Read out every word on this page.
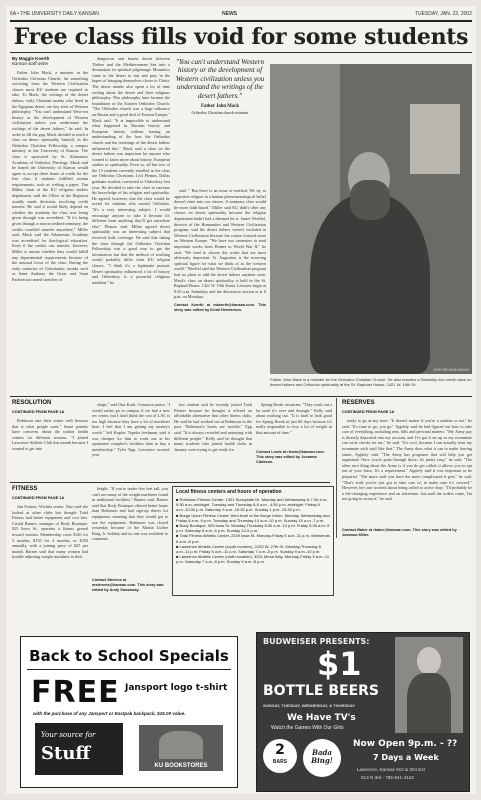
6A • THE UNIVERSITY DAILY KANSAN	NEWS	TUESDAY, JAN. 22, 2002
Free class fills void for some students
By Maggie Koerth
Kansan staff writer

Father John Mack, a minister in the Orthodox Christian Church, hit something sur-rising from the Western Civilization classes most KU students are required to take. To Mack, the writings of the desert fathers, early Christian monks who lived in the Egyptian desert, are key texts of Western philosophy. "You can't understand West-ern history or the development of Western civilization unless you understand the writings of the desert fathers," he said. In order to fill the gap, Mack decided to teach a class on desert spirituality himself, in the Orthodox Christian Fellowship, a campus ministry at the University of Kansas. The class is sponsored by St. Athanasius Academy of Orthodox Theology. Mack said he hoped the University of Kansas would agree to accept these hours of credit for the free class if students fulfilled certain requirements, such as writing a paper. Tim Miller, chair of the KU religious studies department, said the Office of the Registrar usually made decisions involving credit transfer. He said it would likely depend on whether the academy the class was being given through was accredited. "If it's being given through a non-accredited seminary, the credits wouldn't transfer anywhere," Miller said. Mack said the Athanasius Academy was accredited for theological education. Even if the credits can transfer, however, Miller is unsure whether they would fulfill any departmental requirements because of the unusual focus of the class. During the early centuries of Christianity, monks such as Saint Anthony the Great and Saint Pachomius turned stretches of

dangerous and barren desert between Thebes and the Mediterranean Sea into a destination for spiritual pilgrimage. Monastics came to the desert to fast and pray in the hopes of bringing themselves closer to Christ. The desert monks also spent a lot of time writing about the desert and their religious philosophy. This philosophy later became the foundation of the Eastern Orthodox Church. "The Orthodox church was a huge influence on Russia and a good deal of Eastern Europe," Mack said. "It is impossible to understand what happened in Russian history and European history without having an understanding of the how the Orthodox church and the teachings of the desert fathers influenced this." Mack said a class on the desert fathers was important for anyone who wanted to know more about history. European studies or spirituality. Even so, all but two of the 13 students currently enrolled in the class are Orthodox Christians. Leif Plemas, Dallas graduate student, converted to Orthodoxy last year. He decided to take the class to increase his knowledge of his religion and spirituality. He agreed, however, that the class would be useful for students who weren't Orthodox. "It's a very interesting subject. I would encourage anyone to take it because it's different from anything they'll get anywhere else," Plemas said. Miller agreed desert spirituality was an interesting subject that received little coverage. He said that taking the class through the Orthodox Christian Fellowship was a good way to get the information but that the method of teaching would probably differ from KU religion classes. "I think it's a legitimate pursuit. Desert spirituality influenced a lot of history and Orthodoxy is a powerful religious tradition," he

"You can't understand Western history or the development of Western civilization unless you understand the writings of the desert fathers."
Father John Mack
Orthodox Christian church minister

said. " But there is an issue of method. We try to approach religion in a human phenomenological belief doesn't enter into our classes. A seminary class would be more faith based." Miller said KU didn't offer any classes on desert spirituality because the religion department hadn't had a demand for it. James Woelfel, director of the Humanities and Western Civilization program, said the desert fathers weren't included in Western Civilization because the course focused more on Western Europe. "We have two semesters to read important works from Homer to World War II," he said. "We tend to choose the works that are most obviously important. St. Augustine is the towering spiritual figure for what we think of as the western world." Woelfel said the Western Civilization program had no plans to add the desert fathers anytime soon. Mack's class on desert spirituality is held in the St. Raphael House, 1421 W. 19th Street. Lectures begin at 9:30 a.m. Saturdays and the discussion section is at 6 p.m. on Mondays.

Contact Koerth at mkoerth@kansan.com. This story was edited by Kristi Henderson.
JOHN REGAN/KANSAN
Father John Mack is a minister for the Orthodox Christian Church. He also teaches a Saturday non-credit class on desert fathers and Orthodox spirituality at the St. Raphael House, 1421 W. 19th St.
RESOLUTION
CONTINUED FROM PAGE 1A

Robinson rate their center well because that is what people want." Some parents have concerns about the tuition health centers for different reasons. "I joined Lawrence Athletic Club this month because I wanted to get into

shape," said Ona Kraft, Cimarron junior. "I would rather go to campus if we had a new rec center, but I don't think the cost of LAC is too high because they have a lot of machines here. I feel that I am getting my money's worth." Jeff Kupfer, Topeka freshman, said it was cheaper for him to work out at his apartment complex's facilities than to buy a membership." Tyler Epp, Lawrence second-year

law student said he recently joined Total Fitness because he thought it offered an affordable alternative that other fitness clubs. He said he had worked out at Robinson in the past. "Robinson's hours are terrible," Epp said. "It is always crowded and annoying with different people." Kelly said he thought that many students who joined health clubs in January were trying to get ready for

Spring Break vacations. "They work out a lot until it's over and through," Kelly said about working out. "It is hard to look good for Spring Break in just 60 days because it's really impossible to lose a lot of weight in that amount of time."

Contact Lewis at rlewis@kansan.com. This story was edited by Jovanna Clarkson.
RESERVES
CONTINUED FROM PAGE 1A

ready to go at any time. "It doesn't matter if you're a student or not," he said. "It's time to go, you go." Applefy said he had figured out how to take care of everything, including rent, bills and personal matters. "My Army pay is directly deposited into my account, and I've got it set up so my roommate can write checks for me," he said. "It's cool, because I can actually trust my roommate with stuff like that." The Army does what it can to make leaving easier, Applefy said. "The Army has programs that will help you get organized. Once you're gone through those, it's pretty easy," he said. "The other nice thing about the Army is if you do get called, it allows you to opt out of your lease. It's a requirement." Applefy said it was important to be prepared. "The more stuff you have the more complicated it gets," he said. "That's stuff you've just got to take care of, to make sure it's covered." However, he's not worried about being called to active duty. "I'd probably be a life-changing experience and an adventure, but until the orders come, I'm not going to sweat it," he said.

Contact Baker at rbaker@kansan.com. This story was edited by Jovanna Miller.
FITNESS
CONTINUED FROM PAGE 1A

Jim Fortner, Wichita senior. Nitz said she looked at other clubs but thought Total Fitness had better equipment and cost less. Cristal Barnes, manager of Body Boutique, 925 Iowa St., operates a fitness geared toward women. Membership costs $120 for 3 months, $150 for 4 months, or $250 annually, with a joining price of $25 per month. Barnes said that many women had trouble adjusting weight machines to their

height. "If you're under five feet tall, you can't use many of the weight machines found in traditional facilities," Barnes said. Barnes said that Body Boutique offered better hours than Robinson and had sign-up sheets for equipment, meaning that they would get to use the equipment. Robinson was closed yesterday because of the Martin Luther King, Jr. holiday and no one was available to comment.

Contact Stevens at mstevens@kansan.com. This story was edited by Andy Gassaway.
Local fitness centers and hours of operation
■ Robinson Fitness Center, 1301 Sunnyside Dr. Monday and Wednesday 6-7:30 a.m., 9:30 a.m.-midnight. Tuesday and Thursday 8-8 a.m., 4:30 p.m.-midnight. Friday 8 a.m.-10:30 p.m. Saturday 9 a.m.-10:30 p.m. Sunday 1 p.m.-10:30 p.m.
■ Burge Union Fitness Center, third level of the Burge Union. Monday, Wednesday and Friday 8 a.m.-9 p.m. Tuesday and Thursday 10 a.m.-10 p.m. Sunday 10 a.m.-7 p.m.
■ Body Boutique, 925 Iowa St. Monday-Thursday 5:30 a.m.-10 p.m. Friday 5:30 a.m.-9 p.m. Saturday 8 a.m.-5 p.m. Sunday 12-5 p.m.
■ Total Fitness Athletic Center, 2339 Iowa St. Monday-Friday 5 a.m.-11 p.m. Weekends 8 a.m.-8 p.m.
■ Lawrence Athletic Center (south location), 2100 W. 27th St. Monday-Thursday 5 a.m.-11 p.m. Friday 5 a.m.-11 p.m. Saturday 7 a.m.-8 p.m. Sunday 9 a.m.-10 p.m.
■ Lawrence Athletic Center (north location), 3201 Mesa Way. Monday-Friday 5 a.m.-11 p.m. Saturday 7 a.m.-8 p.m. Sunday 9 a.m.-8 p.m.
Back to School Specials
FREE Jansport logo t-shirt
with the purchase of any Jansport or Eastpak backpack, $15.00 value.
Your source for
Stuff
KU BOOKSTORES
BUDWEISER PRESENTS:
$1
BOTTLE BEERS
SUNDAY, TUESDAY, WEDNESDAY, & THURSDAY
We Have TV's
Watch the Games With Our Girls
2
BARS
Bada Bing!
Now Open 9p.m. - ??
7 Days a Week
Lawrence, Kansas 910 & 204 Ext
913 N 3rd - 785-841-4122
